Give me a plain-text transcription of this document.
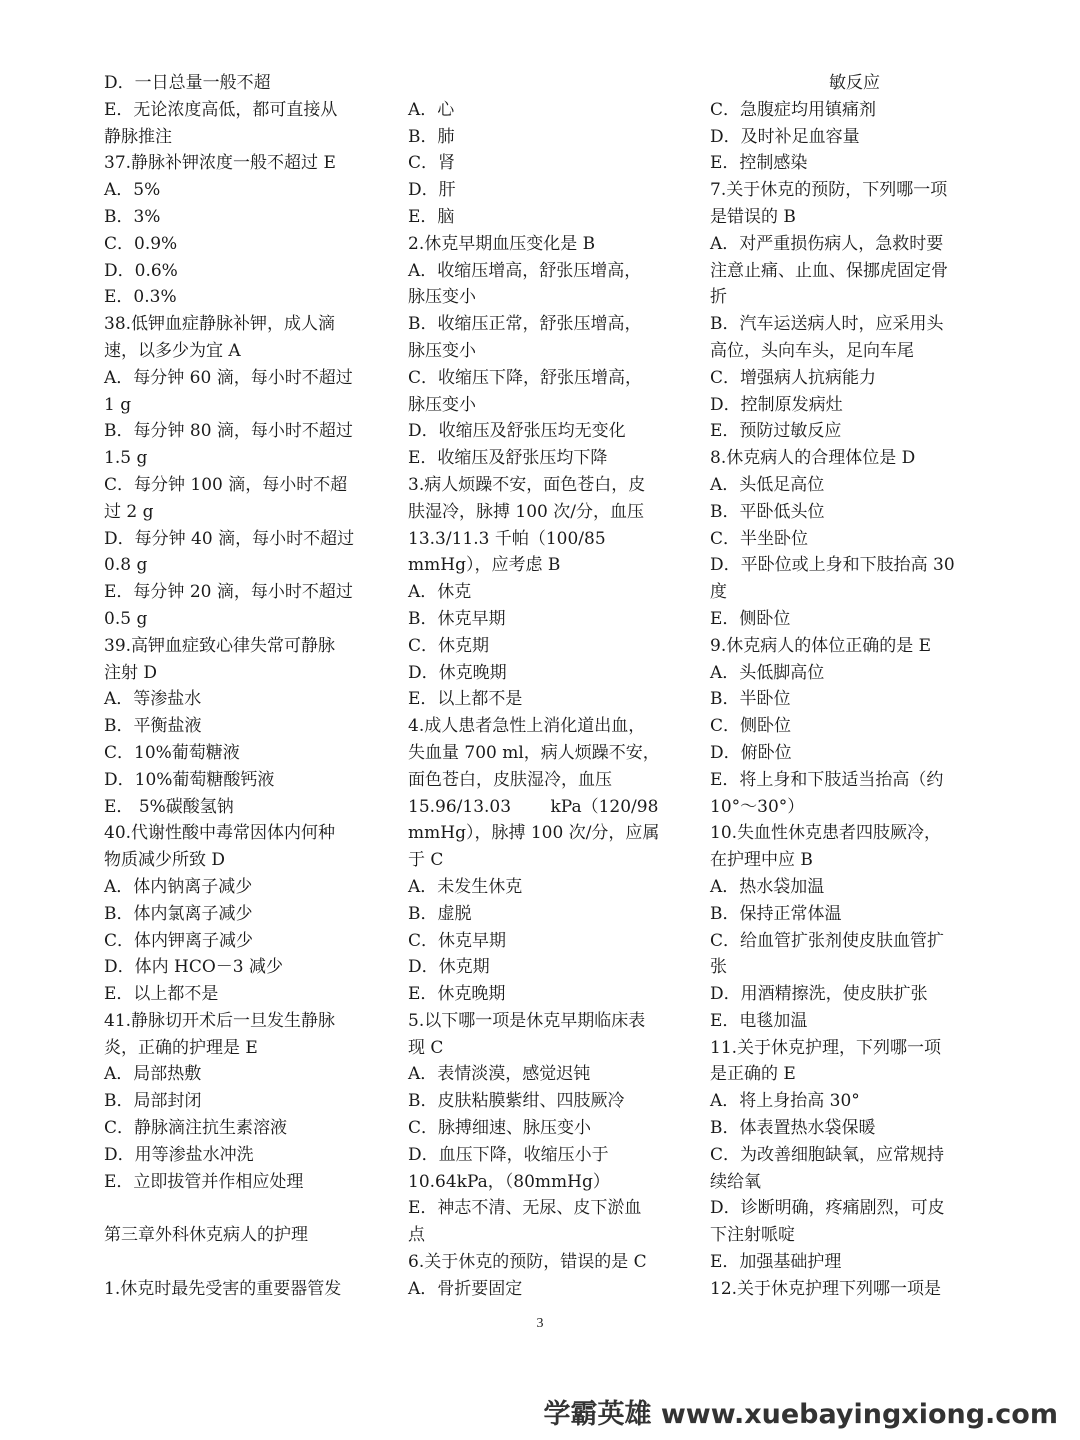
D．一日总量一般不超
E．无论浓度高低，都可直接从
静脉推注
37.静脉补钾浓度一般不超过 E
A．5%
B．3%
C．0.9%
D．0.6%
E．0.3%
38.低钾血症静脉补钾，成人滴
速，以多少为宜 A
A．每分钟 60 滴，每小时不超过
1 g
B．每分钟 80 滴，每小时不超过
1.5 g
C．每分钟 100 滴，每小时不超
过 2 g
D．每分钟 40 滴，每小时不超过
0.8 g
E．每分钟 20 滴，每小时不超过
0.5 g
39.高钾血症致心律失常可静脉
注射 D
A．等渗盐水
B．平衡盐液
C．10%葡萄糖液
D．10%葡萄糖酸钙液
E． 5%碳酸氢钠
40.代谢性酸中毒常因体内何种
物质减少所致 D
A．体内钠离子减少
B．体内氯离子减少
C．体内钾离子减少
D．体内 HCO－3 减少
E．以上都不是
41.静脉切开术后一旦发生静脉
炎，正确的护理是 E
A．局部热敷
B．局部封闭
C．静脉滴注抗生素溶液
D．用等渗盐水冲洗
E．立即拔管并作相应处理
第三章外科休克病人的护理
1.休克时最先受害的重要器管发
A．心
B．肺
C．肾
D．肝
E．脑
2.休克早期血压变化是 B
A．收缩压增高，舒张压增高，
脉压变小
B．收缩压正常，舒张压增高，
脉压变小
C．收缩压下降，舒张压增高，
脉压变小
D．收缩压及舒张压均无变化
E．收缩压及舒张压均下降
3.病人烦躁不安，面色苍白，皮
肤湿冷，脉搏 100 次/分，血压
13.3/11.3 千帕（100/85
mmHg），应考虑 B
A．休克
B．休克早期
C．休克期
D．休克晚期
E．以上都不是
4.成人患者急性上消化道出血，
失血量 700 ml，病人烦躁不安，
面色苍白，皮肤湿冷，血压
15.96/13.03　　 kPa（120/98
mmHg），脉搏 100 次/分，应属
于 C
A．未发生休克
B．虚脱
C．休克早期
D．休克期
E．休克晚期
5.以下哪一项是休克早期临床表
现 C
A．表情淡漠，感觉迟钝
B．皮肤粘膜紫绀、四肢厥冷
C．脉搏细速、脉压变小
D．血压下降，收缩压小于
10.64kPa，（80mmHg）
E．神志不清、无尿、皮下淤血
点
6.关于休克的预防，错误的是 C
A．骨折要固定
敏反应
C．急腹症均用镇痛剂
D．及时补足血容量
E．控制感染
7.关于休克的预防，下列哪一项
是错误的 B
A．对严重损伤病人，急救时要
注意止痛、止血、保挪虎固定骨
折
B．汽车运送病人时，应采用头
高位，头向车头，足向车尾
C．增强病人抗病能力
D．控制原发病灶
E．预防过敏反应
8.休克病人的合理体位是 D
A．头低足高位
B．平卧低头位
C．半坐卧位
D．平卧位或上身和下肢抬高 30
度
E．侧卧位
9.休克病人的体位正确的是 E
A．头低脚高位
B．半卧位
C．侧卧位
D．俯卧位
E．将上身和下肢适当抬高（约
10°～30°）
10.失血性休克患者四肢厥冷，
在护理中应 B
A．热水袋加温
B．保持正常体温
C．给血管扩张剂使皮肤血管扩
张
D．用酒精擦洗，使皮肤扩张
E．电毯加温
11.关于休克护理，下列哪一项
是正确的 E
A．将上身抬高 30°
B．体表置热水袋保暖
C．为改善细胞缺氧，应常规持
续给氧
D．诊断明确，疼痛剧烈，可皮
下注射哌啶
E．加强基础护理
12.关于休克护理下列哪一项是
3
学霸英雄 www.xuebayingxiong.com
